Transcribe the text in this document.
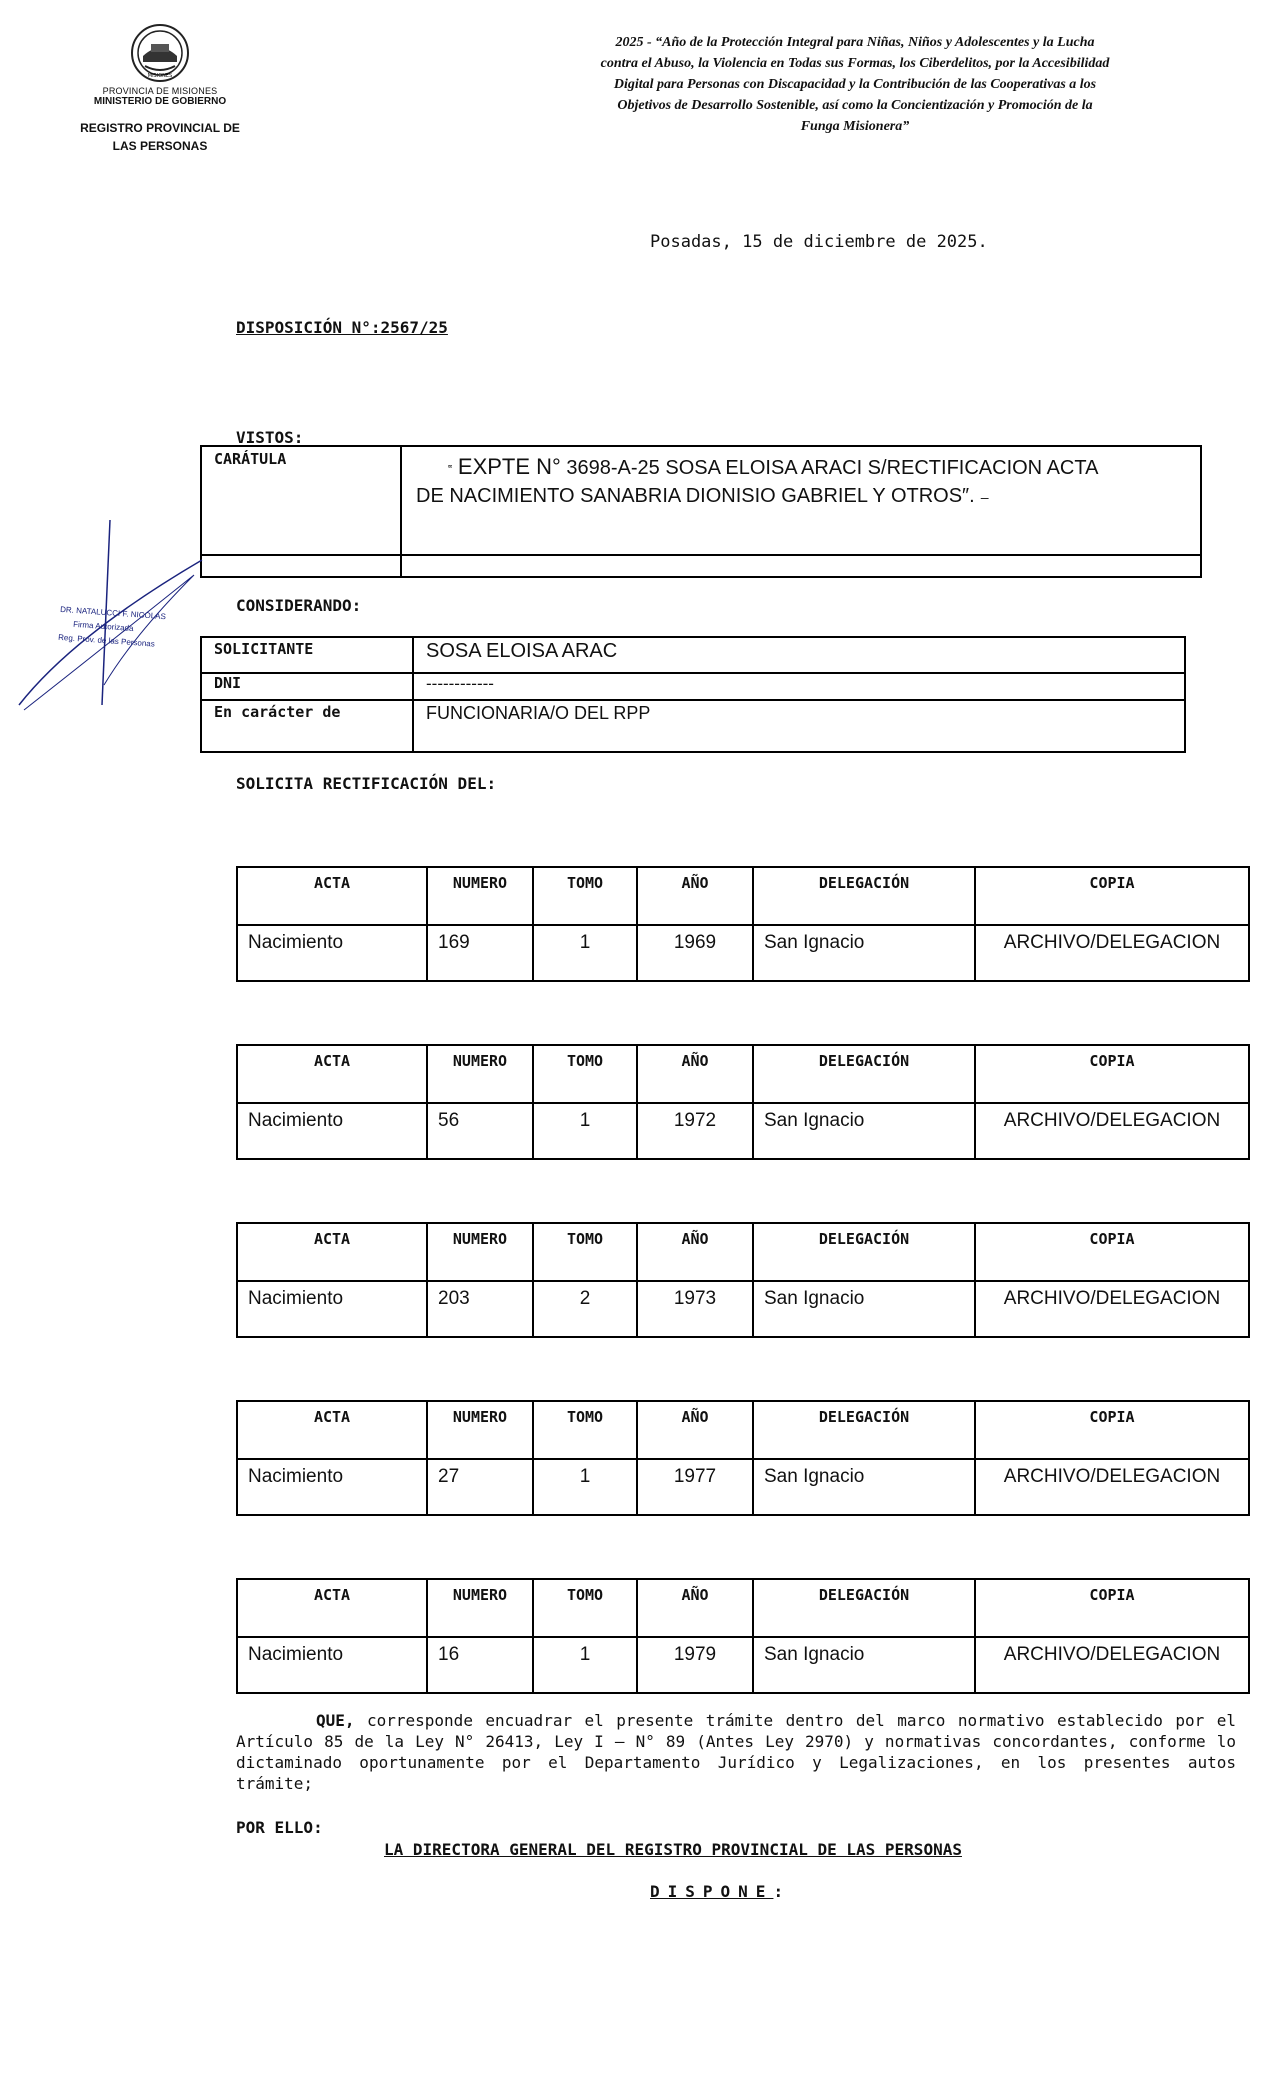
MISIONES
PROVINCIA DE MISIONES
MINISTERIO DE GOBIERNO
REGISTRO PROVINCIAL DE
LAS PERSONAS
2025 - “Año de la Protección Integral para Niñas, Niños y Adolescentes y la Lucha
contra el Abuso, la Violencia en Todas sus Formas, los Ciberdelitos, por la Accesibilidad
Digital para Personas con Discapacidad y la Contribución de las Cooperativas a los
Objetivos de Desarrollo Sostenible, así como la Concientización y Promoción de la
Funga Misionera”
Posadas, 15 de diciembre de 2025.
DISPOSICIÓN N°:2567/25
VISTOS:
CARÁTULA	‟ EXPTE N° 3698-A-25 SOSA ELOISA ARACI S/RECTIFICACION ACTA
DE NACIMIENTO SANABRIA DIONISIO GABRIEL Y OTROS″. –

DR. NATALUCCI F. NICOLAS
Firma Autorizada
Reg. Prov. de las Personas
CONSIDERANDO:
SOLICITANTE	SOSA ELOISA ARAC
DNI	------------
En carácter de	FUNCIONARIA/O DEL RPP
SOLICITA RECTIFICACIÓN DEL:
ACTA	NUMERO	TOMO	AÑO	DELEGACIÓN	COPIA
Nacimiento	169	1	1969	San Ignacio	ARCHIVO/DELEGACION
ACTA	NUMERO	TOMO	AÑO	DELEGACIÓN	COPIA
Nacimiento	56	1	1972	San Ignacio	ARCHIVO/DELEGACION
ACTA	NUMERO	TOMO	AÑO	DELEGACIÓN	COPIA
Nacimiento	203	2	1973	San Ignacio	ARCHIVO/DELEGACION
ACTA	NUMERO	TOMO	AÑO	DELEGACIÓN	COPIA
Nacimiento	27	1	1977	San Ignacio	ARCHIVO/DELEGACION
ACTA	NUMERO	TOMO	AÑO	DELEGACIÓN	COPIA
Nacimiento	16	1	1979	San Ignacio	ARCHIVO/DELEGACION
QUE, corresponde encuadrar el presente trámite dentro del marco normativo establecido por el Artículo 85 de la Ley N° 26413, Ley I – N° 89 (Antes Ley 2970) y normativas concordantes, conforme lo dictaminado oportunamente por el Departamento Jurídico y Legalizaciones, en los presentes autos trámite;
POR ELLO:
LA DIRECTORA GENERAL DEL REGISTRO PROVINCIAL DE LAS PERSONAS
DISPONE:
